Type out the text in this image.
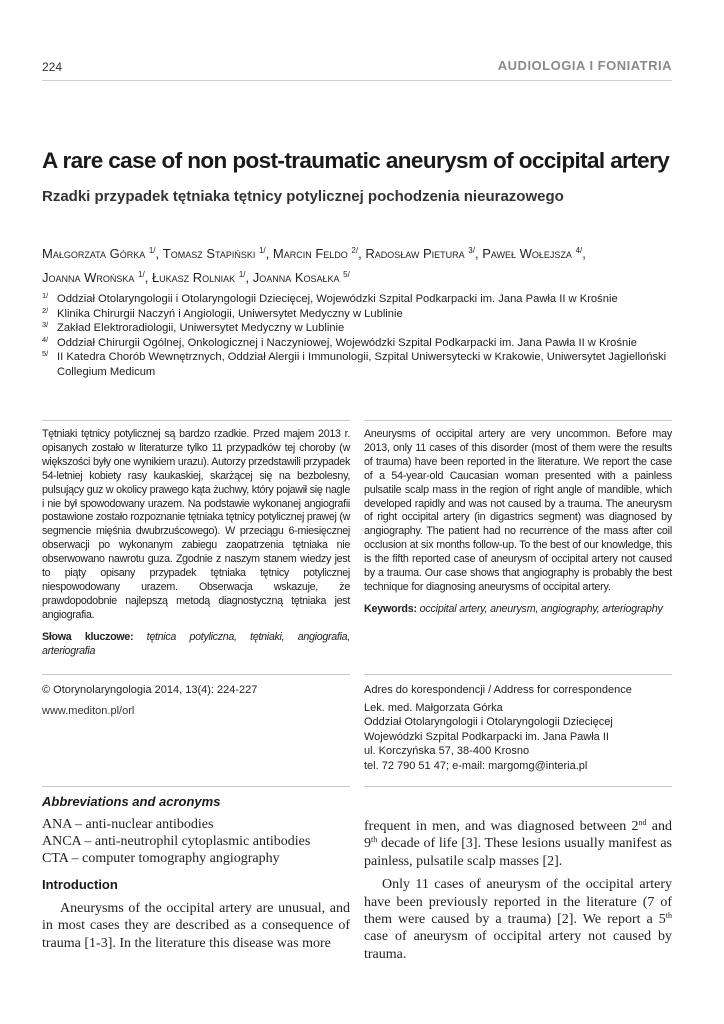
224	AUDIOLOGIA I FONIATRIA
A rare case of non post-traumatic aneurysm of occipital artery
Rzadki przypadek tętniaka tętnicy potylicznej pochodzenia nieurazowego
Małgorzata Górka $^{1/}$, Tomasz Stapiński $^{1/}$, Marcin Feldo $^{2/}$, Radosław Pietura $^{3/}$, Paweł Wołejsza $^{4/}$,
Joanna Wrońska $^{1/}$, Łukasz Rolniak $^{1/}$, Joanna Kosałka $^{5/}$
1/ Oddział Otolaryngologii i Otolaryngologii Dziecięcej, Wojewódzki Szpital Podkarpacki im. Jana Pawła II w Krośnie
2/ Klinika Chirurgii Naczyń i Angiologii, Uniwersytet Medyczny w Lublinie
3/ Zakład Elektroradiologii, Uniwersytet Medyczny w Lublinie
4/ Oddział Chirurgii Ogólnej, Onkologicznej i Naczyniowej, Wojewódzki Szpital Podkarpacki im. Jana Pawła II w Krośnie
5/ II Katedra Chorób Wewnętrznych, Oddział Alergii i Immunologii, Szpital Uniwersytecki w Krakowie, Uniwersytet Jagielloński Collegium Medicum

Tętniaki tętnicy potylicznej są bardzo rzadkie. Przed majem 2013 r. opisanych zostało w literaturze tylko 11 przypadków tej choroby (w większości były one wynikiem urazu). Autorzy przedstawili przypadek 54-letniej kobiety rasy kaukaskiej, skarżącej się na bezbolesny, pulsujący guz w okolicy prawego kąta żuchwy, który pojawił się nagle i nie był spowodowany urazem. Na podstawie wykonanej angiografii postawione zostało rozpoznanie tętniaka tętnicy potylicznej prawej (w segmencie mięśnia dwubrzuścowego). W przeciągu 6-miesięcznej obserwacji po wykonanym zabiegu zaopatrzenia tętniaka nie obserwowano nawrotu guza. Zgodnie z naszym stanem wiedzy jest to piąty opisany przypadek tętniaka tętnicy potylicznej niespowodowany urazem. Obserwacja wskazuje, że prawdopodobnie najlepszą metodą diagnostyczną tętniaka jest angiografia.

Słowa kluczowe: tętnica potyliczna, tętniaki, angiografia, arteriografia

Aneurysms of occipital artery are very uncommon. Before may 2013, only 11 cases of this disorder (most of them were the results of trauma) have been reported in the literature. We report the case of a 54-year-old Caucasian woman presented with a painless pulsatile scalp mass in the region of right angle of mandible, which developed rapidly and was not caused by a trauma. The aneurysm of right occipital artery (in digastrics segment) was diagnosed by angiography. The patient had no recurrence of the mass after coil occlusion at six months follow-up. To the best of our knowledge, this is the fifth reported case of aneurysm of occipital artery not caused by a trauma. Our case shows that angiography is probably the best technique for diagnosing aneurysms of occipital artery.

Keywords: occipital artery, aneurysm, angiography, arteriography

© Otorynolaryngologia 2014, 13(4): 224-227
www.mediton.pl/orl
Adres do korespondencji / Address for correspondence
Lek. med. Małgorzata Górka
Oddział Otolaryngologii i Otolaryngologii Dziecięcej
Wojewódzki Szpital Podkarpacki im. Jana Pawła II
ul. Korczyńska 57, 38-400 Krosno
tel. 72 790 51 47; e-mail: margomg@interia.pl
Abbreviations and acronyms
ANA – anti-nuclear antibodies
ANCA – anti-neutrophil cytoplasmic antibodies
CTA – computer tomography angiography
Introduction

Aneurysms of the occipital artery are unusual, and in most cases they are described as a consequence of trauma [1-3]. In the literature this disease was more

frequent in men, and was diagnosed between 2nd and 9th decade of life [3]. These lesions usually manifest as painless, pulsatile scalp masses [2].

Only 11 cases of aneurysm of the occipital artery have been previously reported in the literature (7 of them were caused by a trauma) [2]. We report a 5th case of aneurysm of occipital artery not caused by trauma.
